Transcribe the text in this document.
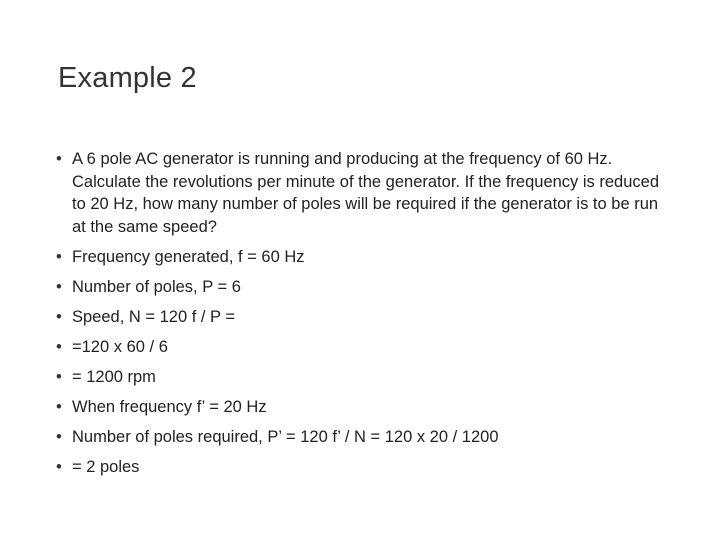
Example 2
• A 6 pole AC generator is running and producing at the frequency of 60 Hz. Calculate the revolutions per minute of the generator. If the frequency is reduced to 20 Hz, how many number of poles will be required if the generator is to be run at the same speed?
• Frequency generated, f = 60 Hz
• Number of poles, P = 6
• Speed, N = 120 f / P =
• =120 x 60 / 6
• = 1200 rpm
• When frequency f’ = 20 Hz
• Number of poles required, P’ = 120 f’ / N = 120 x 20 / 1200
• = 2 poles
